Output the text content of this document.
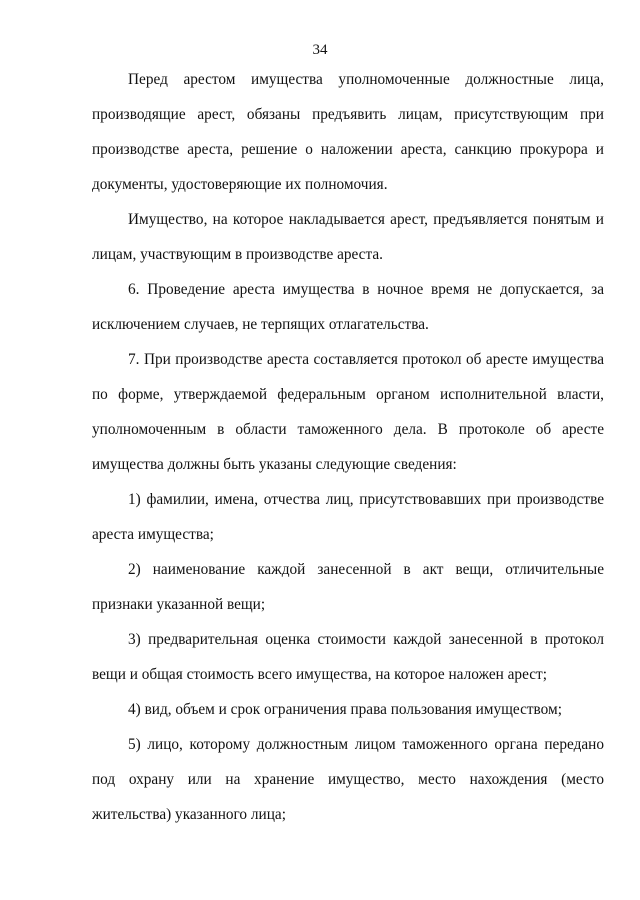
34

Перед арестом имущества уполномоченные должностные лица, производящие арест, обязаны предъявить лицам, присутствующим при производстве ареста, решение о наложении ареста, санкцию прокурора и документы, удостоверяющие их полномочия.

Имущество, на которое накладывается арест, предъявляется понятым и лицам, участвующим в производстве ареста.

6. Проведение ареста имущества в ночное время не допускается, за исключением случаев, не терпящих отлагательства.

7. При производстве ареста составляется протокол об аресте имущества по форме, утверждаемой федеральным органом исполнительной власти, уполномоченным в области таможенного дела. В протоколе об аресте имущества должны быть указаны следующие сведения:

1) фамилии, имена, отчества лиц, присутствовавших при производстве ареста имущества;

2) наименование каждой занесенной в акт вещи, отличительные признаки указанной вещи;

3) предварительная оценка стоимости каждой занесенной в протокол вещи и общая стоимость всего имущества, на которое наложен арест;

4) вид, объем и срок ограничения права пользования имуществом;

5) лицо, которому должностным лицом таможенного органа передано под охрану или на хранение имущество, место нахождения (место жительства) указанного лица;
